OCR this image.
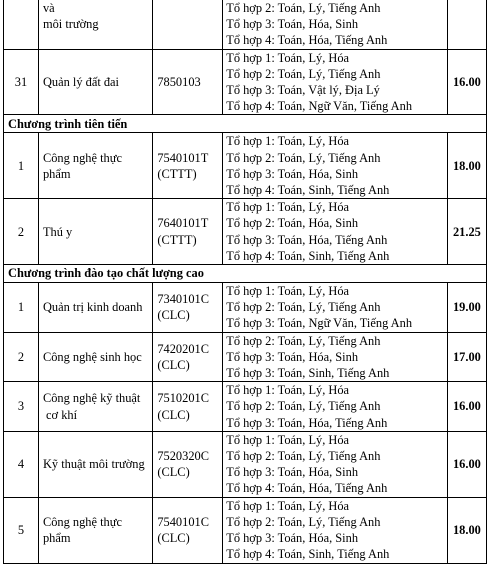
	và
môi trường		Tổ hợp 2: Toán, Lý, Tiếng Anh
Tổ hợp 3: Toán, Hóa, Sinh
Tổ hợp 4: Toán, Hóa, Tiếng Anh	

31	Quản lý đất đai	7850103	Tổ hợp 1: Toán, Lý, Hóa
Tổ hợp 2: Toán, Lý, Tiếng Anh
Tổ hợp 3: Toán, Vật lý, Địa Lý
Tổ hợp 4: Toán, Ngữ Văn, Tiếng Anh	16.00
Chương trình tiên tiến				
1	Công nghệ thực
phẩm	7540101T
(CTTT)	Tổ hợp 1: Toán, Lý, Hóa
Tổ hợp 2: Toán, Lý, Tiếng Anh
Tổ hợp 3: Toán, Hóa, Sinh
Tổ hợp 4: Toán, Sinh, Tiếng Anh	18.00
2	Thú y	7640101T
(CTTT)	Tổ hợp 1: Toán, Lý, Hóa
Tổ hợp 2: Toán, Hóa, Sinh
Tổ hợp 3: Toán, Hóa, Tiếng Anh
Tổ hợp 4: Toán, Sinh, Tiếng Anh	21.25
Chương trình đào tạo chất lượng cao				
1	Quản trị kinh doanh	7340101C
(CLC)	Tổ hợp 1: Toán, Lý, Hóa
Tổ hợp 2: Toán, Lý, Tiếng Anh
Tổ hợp 3: Toán, Ngữ Văn, Tiếng Anh	19.00
2	Công nghệ sinh học	7420201C
(CLC)	Tổ hợp 2: Toán, Lý, Tiếng Anh
Tổ hợp 3: Toán, Hóa, Sinh
Tổ hợp 3: Toán, Sinh, Tiếng Anh	17.00
3	Công nghệ kỹ thuật
cơ khí	7510201C
(CLC)	Tổ hợp 1: Toán, Lý, Hóa
Tổ hợp 2: Toán, Lý, Tiếng Anh
Tổ hợp 3: Toán, Hóa, Tiếng Anh	16.00
4	Kỹ thuật môi trường	7520320C
(CLC)	Tổ hợp 1: Toán, Lý, Hóa
Tổ hợp 2: Toán, Lý, Tiếng Anh
Tổ hợp 3: Toán, Hóa, Sinh
Tổ hợp 4: Toán, Hóa, Tiếng Anh	16.00
5	Công nghệ thực
phẩm	7540101C
(CLC)	Tổ hợp 1: Toán, Lý, Hóa
Tổ hợp 2: Toán, Lý, Tiếng Anh
Tổ hợp 3: Toán, Hóa, Sinh
Tổ hợp 4: Toán, Sinh, Tiếng Anh	18.00
